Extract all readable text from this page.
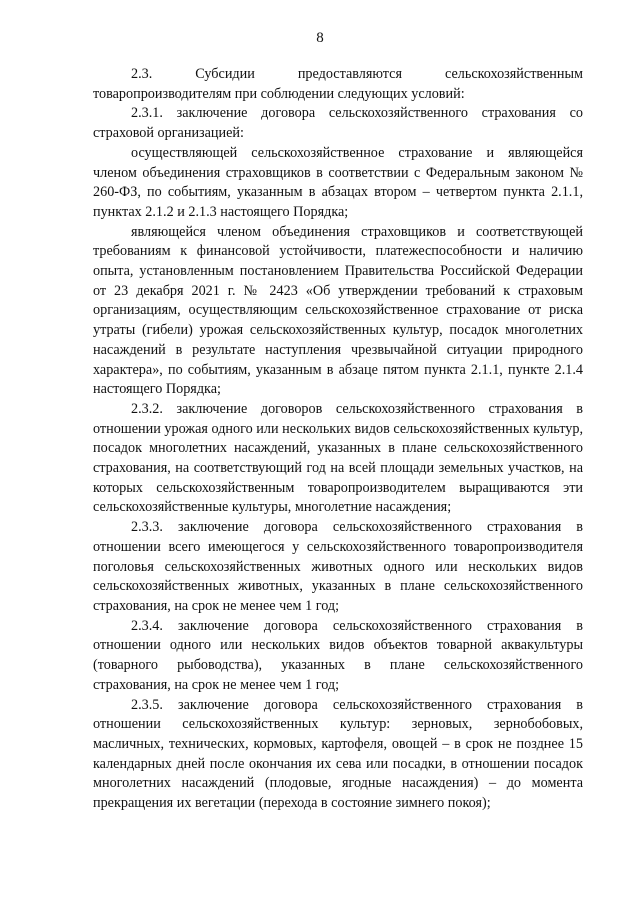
8

2.3. Субсидии предоставляются сельскохозяйственным товаропроизводителям при соблюдении следующих условий:

2.3.1. заключение договора сельскохозяйственного страхования со страховой организацией:

осуществляющей сельскохозяйственное страхование и являющейся членом объединения страховщиков в соответствии с Федеральным законом № 260-ФЗ, по событиям, указанным в абзацах втором – четвертом пункта 2.1.1, пунктах 2.1.2 и 2.1.3 настоящего Порядка;

являющейся членом объединения страховщиков и соответствующей требованиям к финансовой устойчивости, платежеспособности и наличию опыта, установленным постановлением Правительства Российской Федерации от 23 декабря 2021 г. № 2423 «Об утверждении требований к страховым организациям, осуществляющим сельскохозяйственное страхование от риска утраты (гибели) урожая сельскохозяйственных культур, посадок многолетних насаждений в результате наступления чрезвычайной ситуации природного характера», по событиям, указанным в абзаце пятом пункта 2.1.1, пункте 2.1.4 настоящего Порядка;

2.3.2. заключение договоров сельскохозяйственного страхования в отношении урожая одного или нескольких видов сельскохозяйственных культур, посадок многолетних насаждений, указанных в плане сельскохозяйственного страхования, на соответствующий год на всей площади земельных участков, на которых сельскохозяйственным товаропроизводителем выращиваются эти сельскохозяйственные культуры, многолетние насаждения;

2.3.3. заключение договора сельскохозяйственного страхования в отношении всего имеющегося у сельскохозяйственного товаропроизводителя поголовья сельскохозяйственных животных одного или нескольких видов сельскохозяйственных животных, указанных в плане сельскохозяйственного страхования, на срок не менее чем 1 год;

2.3.4. заключение договора сельскохозяйственного страхования в отношении одного или нескольких видов объектов товарной аквакультуры (товарного рыбоводства), указанных в плане сельскохозяйственного страхования, на срок не менее чем 1 год;

2.3.5. заключение договора сельскохозяйственного страхования в отношении сельскохозяйственных культур: зерновых, зернобобовых, масличных, технических, кормовых, картофеля, овощей – в срок не позднее 15 календарных дней после окончания их сева или посадки, в отношении посадок многолетних насаждений (плодовые, ягодные насаждения) – до момента прекращения их вегетации (перехода в состояние зимнего покоя);
